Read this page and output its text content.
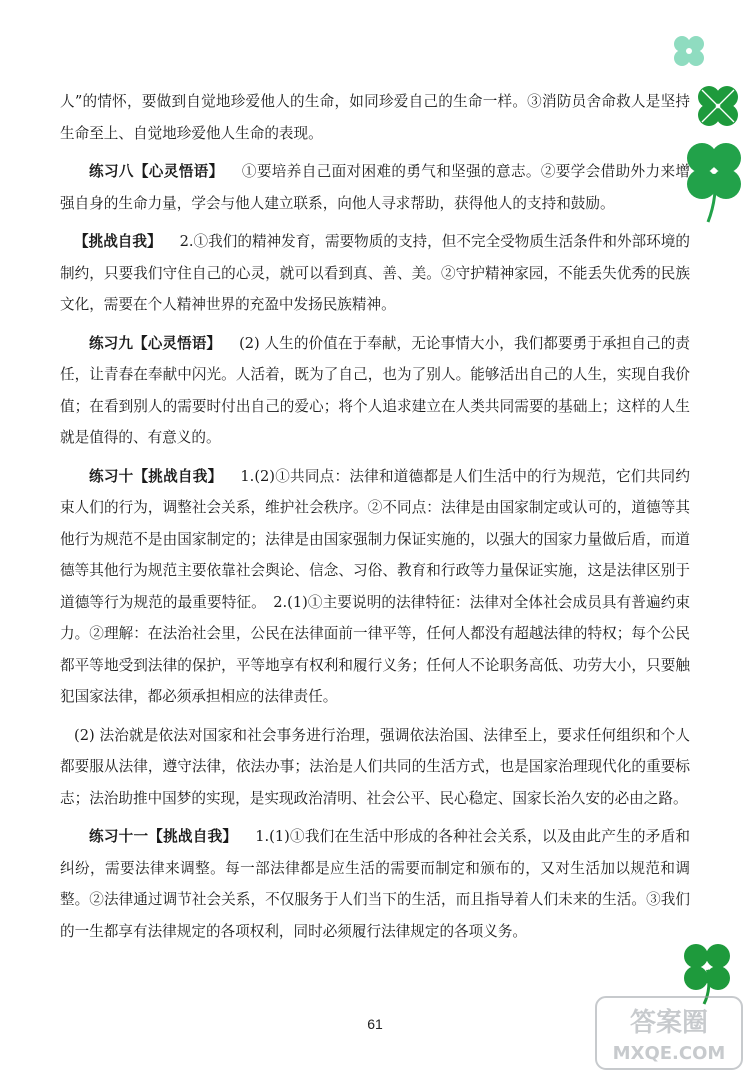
人”的情怀，要做到自觉地珍爱他人的生命，如同珍爱自己的生命一样。③消防员舍命救人是坚持生命至上、自觉地珍爱他人生命的表现。

练习八【心灵悟语】 ①要培养自己面对困难的勇气和坚强的意志。②要学会借助外力来增强自身的生命力量，学会与他人建立联系，向他人寻求帮助，获得他人的支持和鼓励。

【挑战自我】 2.①我们的精神发育，需要物质的支持，但不完全受物质生活条件和外部环境的制约，只要我们守住自己的心灵，就可以看到真、善、美。②守护精神家园，不能丢失优秀的民族文化，需要在个人精神世界的充盈中发扬民族精神。

练习九【心灵悟语】 (2) 人生的价值在于奉献，无论事情大小，我们都要勇于承担自己的责任，让青春在奉献中闪光。人活着，既为了自己，也为了别人。能够活出自己的人生，实现自我价值；在看到别人的需要时付出自己的爱心；将个人追求建立在人类共同需要的基础上；这样的人生就是值得的、有意义的。

练习十【挑战自我】 1.(2)①共同点：法律和道德都是人们生活中的行为规范，它们共同约束人们的行为，调整社会关系，维护社会秩序。②不同点：法律是由国家制定或认可的，道德等其他行为规范不是由国家制定的；法律是由国家强制力保证实施的，以强大的国家力量做后盾，而道德等其他行为规范主要依靠社会舆论、信念、习俗、教育和行政等力量保证实施，这是法律区别于道德等行为规范的最重要特征。　2.(1)①主要说明的法律特征：法律对全体社会成员具有普遍约束力。②理解：在法治社会里，公民在法律面前一律平等，任何人都没有超越法律的特权；每个公民都平等地受到法律的保护，平等地享有权利和履行义务；任何人不论职务高低、功劳大小，只要触犯国家法律，都必须承担相应的法律责任。

(2) 法治就是依法对国家和社会事务进行治理，强调依法治国、法律至上，要求任何组织和个人都要服从法律，遵守法律，依法办事；法治是人们共同的生活方式，也是国家治理现代化的重要标志；法治助推中国梦的实现，是实现政治清明、社会公平、民心稳定、国家长治久安的必由之路。

练习十一【挑战自我】 1.(1)①我们在生活中形成的各种社会关系，以及由此产生的矛盾和纠纷，需要法律来调整。每一部法律都是应生活的需要而制定和颁布的，又对生活加以规范和调整。②法律通过调节社会关系，不仅服务于人们当下的生活，而且指导着人们未来的生活。③我们的一生都享有法律规定的各项权利，同时必须履行法律规定的各项义务。

61	答案圈
MXQE.COM
